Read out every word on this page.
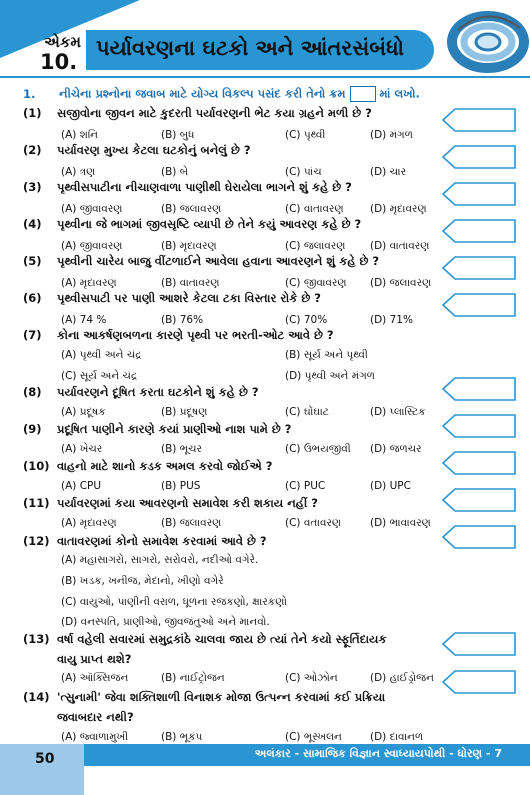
એકમ
10.
પર્યાવરણના ઘટકો અને આંતરસંબંધો
1. નીચેના પ્રશ્નોના જવાબ માટે યોગ્ય વિકલ્પ પસંદ કરી તેનો ક્રમ	માં લખો.
(1) સજીવોના જીવન માટે કુદરતી પર્યાવરણની ભેટ કયા ગ્રહને મળી છે ?
(A) શનિ	(B) બુધ	(C) પૃથ્વી	(D) મંગળ
(2) પર્યાવરણ મુખ્ય કેટલા ઘટકોનું બનેલું છે ?
(A) ત્રણ	(B) બે	(C) પાંચ	(D) ચાર
(3) પૃથ્વીસપાટીના નીચાણવાળા પાણીથી ઘેરાયેલા ભાગને શું કહે છે ?
(A) જીવાવરણ	(B) જલાવરણ	(C) વાતાવરણ	(D) મૃદાવરણ
(4) પૃથ્વીના જે ભાગમાં જીવસૃષ્ટિ વ્યાપી છે તેને કયું આવરણ કહે છે ?
(A) જીવાવરણ	(B) મૃદાવરણ	(C) જલાવરણ (D) વાતાવરણ
(5) પૃથ્વીની ચારેય બાજુ વીંટળાઈને આવેલા હવાના આવરણને શું કહે છે ?
(A) મૃદાવરણ	(B) વાતાવરણ	(C) જીવાવરણ (D) જલાવરણ
(6) પૃથ્વીસપાટી પર પાણી આશરે કેટલા ટકા વિસ્તાર રોકે છે ?
(A) 74 %	(B) 76%	(C) 70%	(D) 71%
(7) કોના આકર્ષણબળના કારણે પૃથ્વી પર ભરતી-ઓટ આવે છે ?
(A) પૃથ્વી અને ચંદ્ર	(B) સૂર્ય અને પૃથ્વી
(C) સૂર્ય અને ચંદ્ર	(D) પૃથ્વી અને મંગળ
(8) પર્યાવરણને દૂષિત કરતા ઘટકોને શું કહે છે ?
(A) પ્રદૂષક	(B) પ્રદૂષણ	(C) ઘોંઘાટ	(D) પ્લાસ્ટિક
(9) પ્રદૂષિત પાણીને કારણે કયાં પ્રાણીઓ નાશ પામે છે ?
(A) ખેચર	(B) ભૂચર	(C) ઉભયજીવી (D) જળચર
(10) વાહનો માટે શાનો કડક અમલ કરવો જોઈએ ?
(A) CPU	(B) PUS	(C) PUC	(D) UPC
(11) પર્યાવરણમાં કયા આવરણનો સમાવેશ કરી શકાય નહીં ?
(A) મૃદાવરણ	(B) જલાવરણ	(C) વતાવરણ	(D) ભાવાવરણ
(12) વાતાવરણમાં કોનો સમાવેશ કરવામાં આવે છે ?
(A) મહાસાગરો, સાગરો, સરોવરો, નદીઓ વગેરે.
(B) ખડક, ખનીજ, મેદાનો, ખીણો વગેરે
(C) વાયુઓ, પાણીની વરાળ, ધૂળના રજકણો, ક્ષારકણો
(D) વનસ્પતિ, પ્રાણીઓ, જીવજંતુઓ અને માનવો.
(13) વર્ષા વહેલી સવારમાં સમુદ્રકાંઠે ચાલવા જાય છે ત્યાં તેને કયો સ્ફૂર્તિદાયક
વાયુ પ્રાપ્ત થશે?
(A) ઑક્સિજન	(B) નાઈટ્રોજન	(C) ઓઝોન	(D) હાઈડ્રોજન
(14) 'ત્સુનામી' જેવા શક્તિશાળી વિનાશક મોજા ઉત્પન્ન કરવામાં કઈ પ્રક્રિયા
જવાબદાર નથી?
(A) જ્વાળામુખી	(B) ભૂકંપ	(C) ભૂસ્ખલન	(D) દાવાનળ
50	અલંકાર - સામાજિક વિજ્ઞાન સ્વાધ્યાયપોથી - ધોરણ - 7
